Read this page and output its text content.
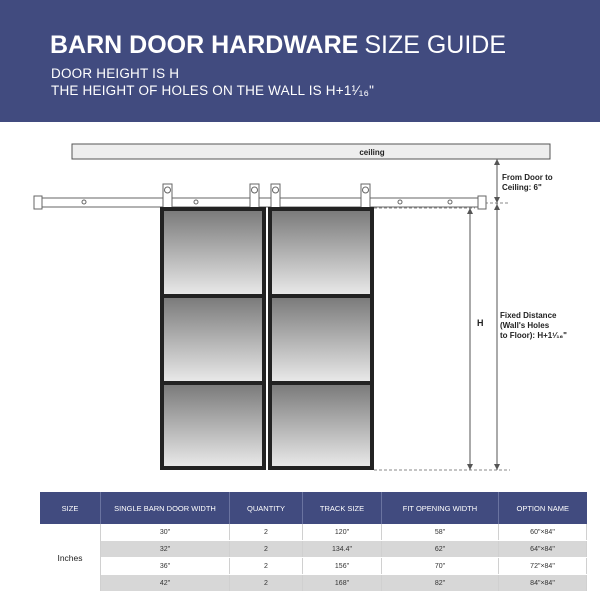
BARN DOOR HARDWARE SIZE GUIDE
DOOR HEIGHT IS H
THE HEIGHT OF HOLES ON THE WALL IS H+1¹⁄₁₆"
ceiling
H
From Door to
Ceiling: 6"
Fixed Distance
(Wall's Holes
to Floor): H+1¹⁄₁₆"
SIZE	SINGLE BARN DOOR WIDTH	QUANTITY	TRACK SIZE	FIT OPENING WIDTH	OPTION NAME
Inches	30"	2	120"	58"	60"×84"
	32"	2	134.4"	62"	64"×84"
	36"	2	156"	70"	72"×84"
	42"	2	168"	82"	84"×84"
